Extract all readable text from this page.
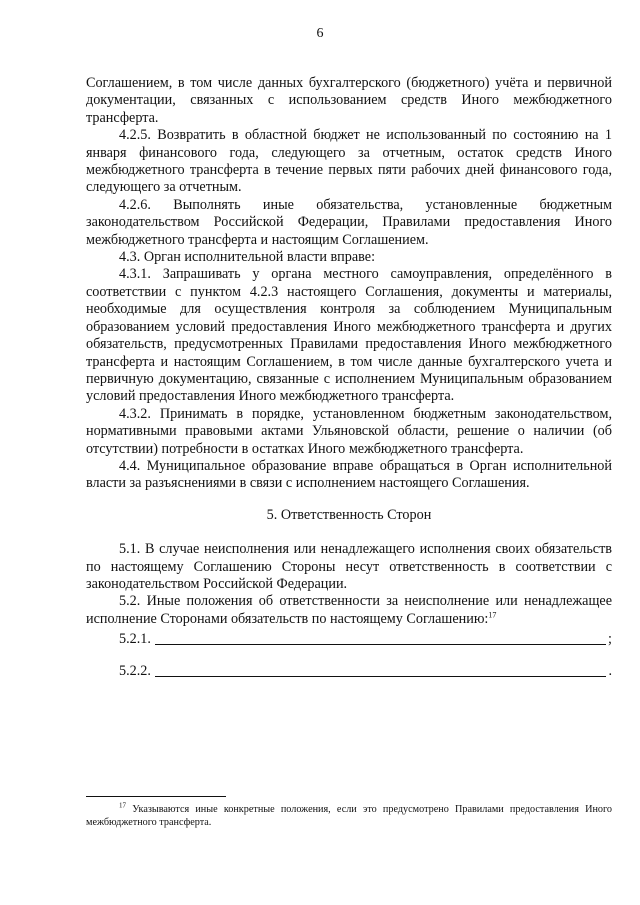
6

Соглашением, в том числе данных бухгалтерского (бюджетного) учёта и первичной документации, связанных с использованием средств Иного межбюджетного трансферта.

4.2.5. Возвратить в областной бюджет не использованный по состоянию на 1 января финансового года, следующего за отчетным, остаток средств Иного межбюджетного трансферта в течение первых пяти рабочих дней финансового года, следующего за отчетным.

4.2.6. Выполнять иные обязательства, установленные бюджетным законодательством Российской Федерации, Правилами предоставления Иного межбюджетного трансферта и настоящим Соглашением.

4.3. Орган исполнительной власти вправе:

4.3.1. Запрашивать у органа местного самоуправления, определённого в соответствии с пунктом 4.2.3 настоящего Соглашения, документы и материалы, необходимые для осуществления контроля за соблюдением Муниципальным образованием условий предоставления Иного межбюджетного трансферта и других обязательств, предусмотренных Правилами предоставления Иного межбюджетного трансферта и настоящим Соглашением, в том числе данные бухгалтерского учета и первичную документацию, связанные с исполнением Муниципальным образованием условий предоставления Иного межбюджетного трансферта.

4.3.2. Принимать в порядке, установленном бюджетным законодательством, нормативными правовыми актами Ульяновской области, решение о наличии (об отсутствии) потребности в остатках Иного межбюджетного трансферта.

4.4. Муниципальное образование вправе обращаться в Орган исполнительной власти за разъяснениями в связи с исполнением настоящего Соглашения.

5. Ответственность Сторон

5.1. В случае неисполнения или ненадлежащего исполнения своих обязательств по настоящему Соглашению Стороны несут ответственность в соответствии с законодательством Российской Федерации.

5.2. Иные положения об ответственности за неисполнение или ненадлежащее исполнение Сторонами обязательств по настоящему Соглашению:$^{17}$

5.2.1.	;
5.2.2.	.
$^{17}$ Указываются иные конкретные положения, если это предусмотрено Правилами предоставления Иного межбюджетного трансферта.
